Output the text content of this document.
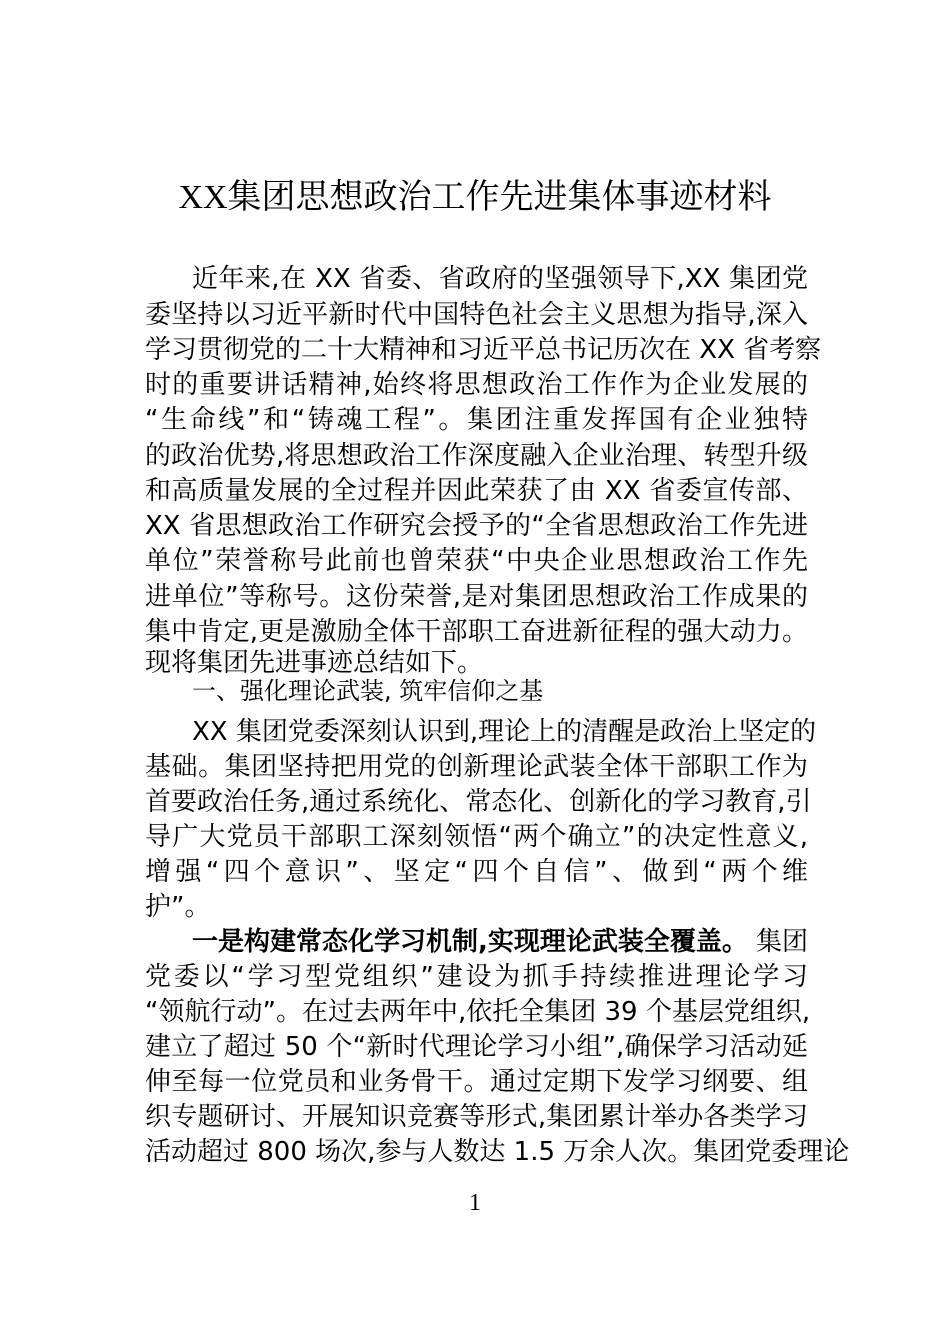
XX集团思想政治工作先进集体事迹材料
近年来,在 XX 省委、省政府的坚强领导下,XX 集团党
委坚持以习近平新时代中国特色社会主义思想为指导,深入
学习贯彻党的二十大精神和习近平总书记历次在 XX 省考察
时的重要讲话精神,始终将思想政治工作作为企业发展的
“生命线”和“铸魂工程”。集团注重发挥国有企业独特
的政治优势,将思想政治工作深度融入企业治理、转型升级
和高质量发展的全过程并因此荣获了由 XX 省委宣传部、
XX 省思想政治工作研究会授予的“全省思想政治工作先进
单位”荣誉称号此前也曾荣获“中央企业思想政治工作先
进单位”等称号。这份荣誉,是对集团思想政治工作成果的
集中肯定,更是激励全体干部职工奋进新征程的强大动力。
现将集团先进事迹总结如下。
一、强化理论武装, 筑牢信仰之基
XX 集团党委深刻认识到,理论上的清醒是政治上坚定的
基础。集团坚持把用党的创新理论武装全体干部职工作为
首要政治任务,通过系统化、常态化、创新化的学习教育,引
导广大党员干部职工深刻领悟“两个确立”的决定性意义,
增强“四个意识”、坚定“四个自信”、做到“两个维
护”。
一是构建常态化学习机制,实现理论武装全覆盖。 集团
党委以“学习型党组织”建设为抓手持续推进理论学习
“领航行动”。在过去两年中,依托全集团 39 个基层党组织,
建立了超过 50 个“新时代理论学习小组”,确保学习活动延
伸至每一位党员和业务骨干。通过定期下发学习纲要、组
织专题研讨、开展知识竞赛等形式,集团累计举办各类学习
活动超过 800 场次,参与人数达 1.5 万余人次。集团党委理论
1
